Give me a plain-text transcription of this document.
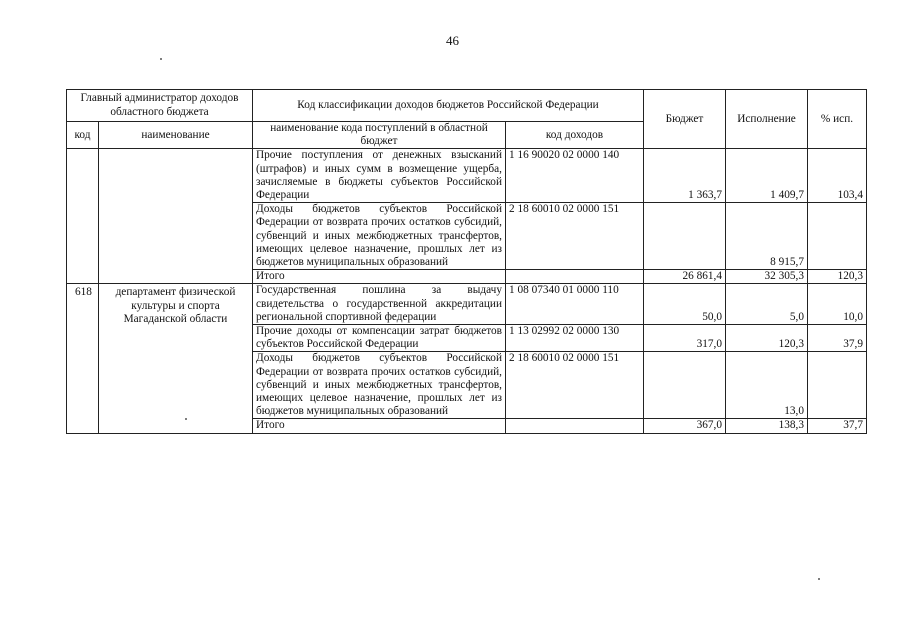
46
Главный администратор доходов областного бюджета		Код классификации доходов бюджетов Российской Федерации		Бюджет	Исполнение	% исп.
код	наименование	наименование кода поступлений в областной бюджет	код доходов			
		Прочие поступления от денежных взысканий (штрафов) и иных сумм в возмещение ущерба, зачисляемые в бюджеты субъектов Российской Федерации	1 16 90020 02 0000 140	1 363,7	1 409,7	103,4
		Доходы бюджетов субъектов Российской Федерации от возврата прочих остатков субсидий, субвенций и иных межбюджетных трансфертов, имеющих целевое назначение, прошлых лет из бюджетов муниципальных образований	2 18 60010 02 0000 151		8 915,7	
		Итого		26 861,4	32 305,3	120,3
618	департамент физической культуры и спорта Магаданской области	Государственная пошлина за выдачу свидетельства о государственной аккредитации региональной спортивной федерации	1 08 07340 01 0000 110	50,0	5,0	10,0
		Прочие доходы от компенсации затрат бюджетов субъектов Российской Федерации	1 13 02992 02 0000 130	317,0	120,3	37,9
		Доходы бюджетов субъектов Российской Федерации от возврата прочих остатков субсидий, субвенций и иных межбюджетных трансфертов, имеющих целевое назначение, прошлых лет из бюджетов муниципальных образований	2 18 60010 02 0000 151		13,0	
		Итого		367,0	138,3	37,7
